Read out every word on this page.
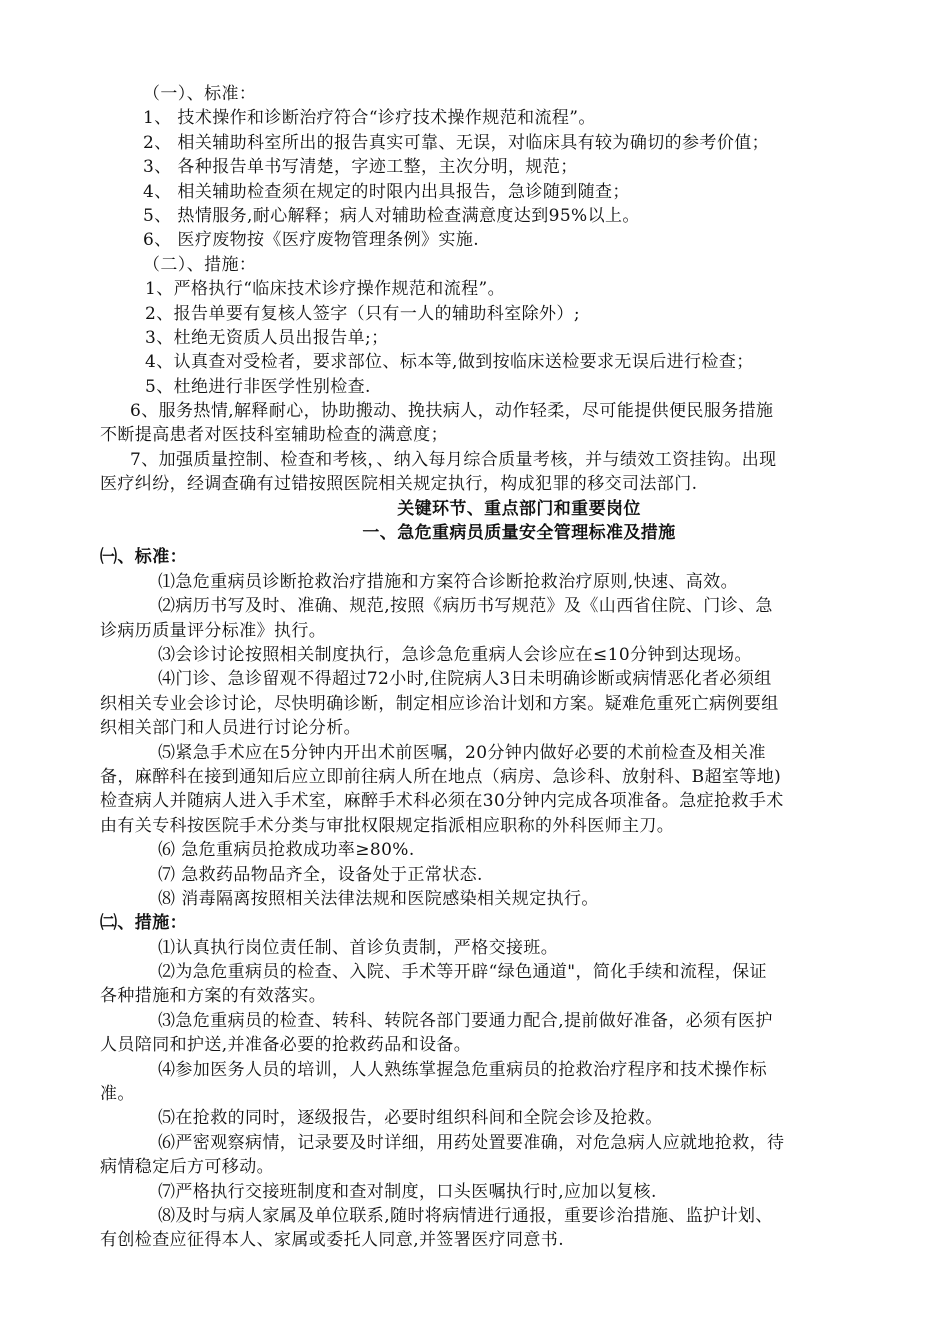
（一）、标准：
1、 技术操作和诊断治疗符合“诊疗技术操作规范和流程”。
2、 相关辅助科室所出的报告真实可靠、无误，对临床具有较为确切的参考价值；
3、 各种报告单书写清楚，字迹工整，主次分明，规范；
4、 相关辅助检查须在规定的时限内出具报告，急诊随到随查；
5、 热情服务,耐心解释；病人对辅助检查满意度达到95%以上。
6、 医疗废物按《医疗废物管理条例》实施.
（二）、措施：
1、严格执行“临床技术诊疗操作规范和流程”。
2、报告单要有复核人签字（只有一人的辅助科室除外）;
3、杜绝无资质人员出报告单;；
4、认真查对受检者，要求部位、标本等,做到按临床送检要求无误后进行检查；
5、杜绝进行非医学性别检查.
6、服务热情,解释耐心，协助搬动、挽扶病人，动作轻柔，尽可能提供便民服务措施
不断提高患者对医技科室辅助检查的满意度；
7、加强质量控制、检查和考核，、纳入每月综合质量考核，并与绩效工资挂钩。出现
医疗纠纷，经调查确有过错按照医院相关规定执行，构成犯罪的移交司法部门.
关键环节、重点部门和重要岗位
一、急危重病员质量安全管理标准及措施
㈠、标准：
⑴急危重病员诊断抢救治疗措施和方案符合诊断抢救治疗原则,快速、高效。
⑵病历书写及时、准确、规范,按照《病历书写规范》及《山西省住院、门诊、急
诊病历质量评分标准》执行。
⑶会诊讨论按照相关制度执行，急诊急危重病人会诊应在≤10分钟到达现场。
⑷门诊、急诊留观不得超过72小时,住院病人3日未明确诊断或病情恶化者必须组
织相关专业会诊讨论，尽快明确诊断，制定相应诊治计划和方案。疑难危重死亡病例要组
织相关部门和人员进行讨论分析。
⑸紧急手术应在5分钟内开出术前医嘱，20分钟内做好必要的术前检查及相关准
备，麻醉科在接到通知后应立即前往病人所在地点（病房、急诊科、放射科、B超室等地)
检查病人并随病人进入手术室，麻醉手术科必须在30分钟内完成各项准备。急症抢救手术
由有关专科按医院手术分类与审批权限规定指派相应职称的外科医师主刀。
⑹ 急危重病员抢救成功率≥80%.
⑺ 急救药品物品齐全，设备处于正常状态.
⑻ 消毒隔离按照相关法律法规和医院感染相关规定执行。
㈡、措施：
⑴认真执行岗位责任制、首诊负责制，严格交接班。
⑵为急危重病员的检查、入院、手术等开辟“绿色通道"，简化手续和流程，保证
各种措施和方案的有效落实。
⑶急危重病员的检查、转科、转院各部门要通力配合,提前做好准备，必须有医护
人员陪同和护送,并准备必要的抢救药品和设备。
⑷参加医务人员的培训，人人熟练掌握急危重病员的抢救治疗程序和技术操作标
准。
⑸在抢救的同时，逐级报告，必要时组织科间和全院会诊及抢救。
⑹严密观察病情，记录要及时详细，用药处置要准确，对危急病人应就地抢救，待
病情稳定后方可移动。
⑺严格执行交接班制度和查对制度，口头医嘱执行时,应加以复核.
⑻及时与病人家属及单位联系,随时将病情进行通报，重要诊治措施、监护计划、
有创检查应征得本人、家属或委托人同意,并签署医疗同意书.
